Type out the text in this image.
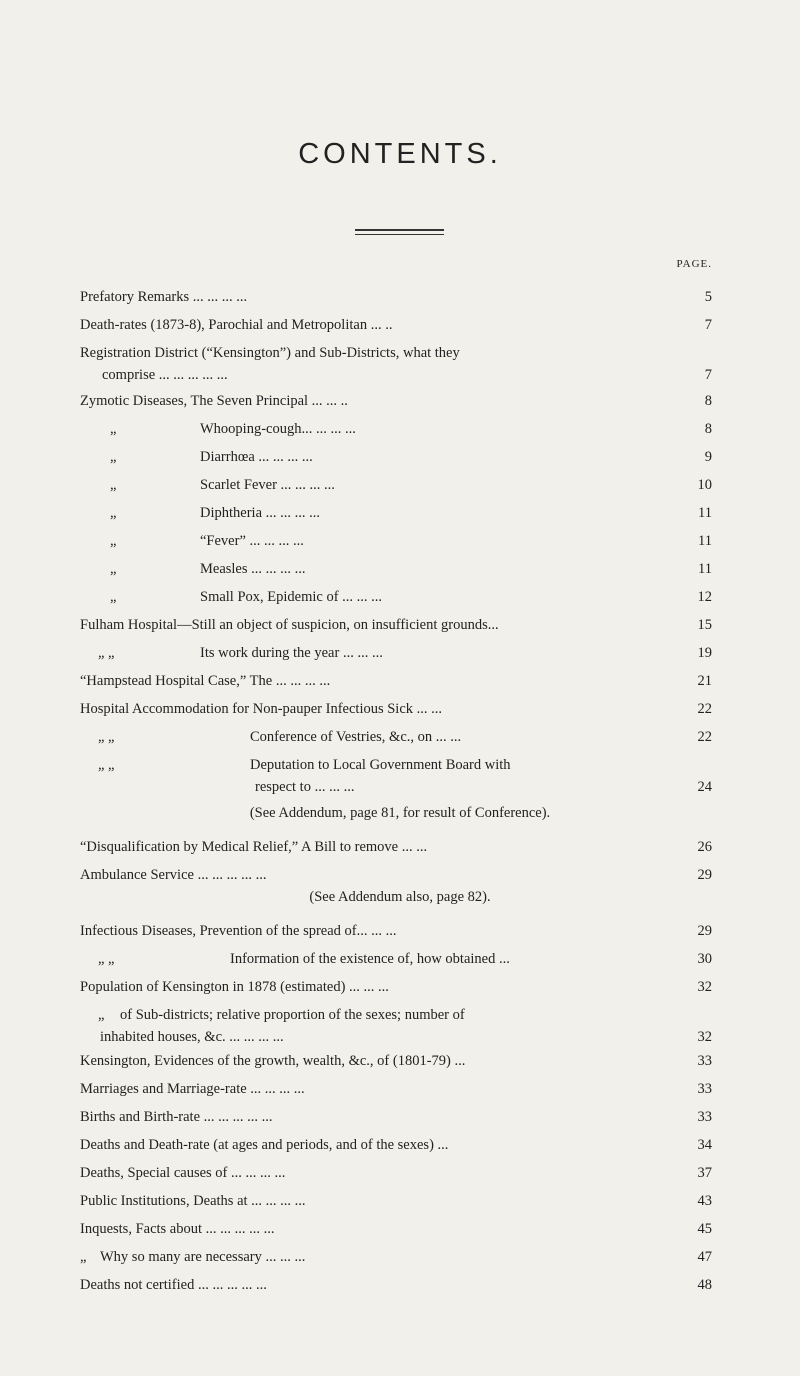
CONTENTS.
PAGE.
Prefatory Remarks ... ... ... ...	5
Death-rates (1873-8), Parochial and Metropolitan ... ..	7
Registration District (“Kensington”) and Sub-Districts, what they
comprise ... ... ... ... ...	7
Zymotic Diseases, The Seven Principal ... ... ..	8
„	Whooping-cough... ... ... ...	8
„	Diarrhœa ... ... ... ...	9
„	Scarlet Fever ... ... ... ...	10
„	Diphtheria ... ... ... ...	11
„	“Fever” ... ... ... ...	11
„	Measles ... ... ... ...	11
„	Small Pox, Epidemic of ... ... ...	12
Fulham Hospital—Still an object of suspicion, on insufficient grounds...	15
„ „	Its work during the year ... ... ...	19
“Hampstead Hospital Case,” The ... ... ... ...	21
Hospital Accommodation for Non-pauper Infectious Sick ... ...	22
„ „	Conference of Vestries, &c., on ... ...	22
„ „	Deputation to Local Government Board with
respect to ... ... ...	24
(See Addendum, page 81, for result of Conference).
“Disqualification by Medical Relief,” A Bill to remove ... ...	26
Ambulance Service ... ... ... ... ...	29
(See Addendum also, page 82).
Infectious Diseases, Prevention of the spread of... ... ...	29
„ „	Information of the existence of, how obtained ...	30
Population of Kensington in 1878 (estimated) ... ... ...	32
„ of Sub-districts; relative proportion of the sexes; number of
inhabited houses, &c. ... ... ... ...	32
Kensington, Evidences of the growth, wealth, &c., of (1801-79) ...	33
Marriages and Marriage-rate ... ... ... ...	33
Births and Birth-rate ... ... ... ... ...	33
Deaths and Death-rate (at ages and periods, and of the sexes) ...	34
Deaths, Special causes of ... ... ... ...	37
Public Institutions, Deaths at ... ... ... ...	43
Inquests, Facts about ... ... ... ... ...	45
„ Why so many are necessary ... ... ...	47
Deaths not certified ... ... ... ... ...	48
